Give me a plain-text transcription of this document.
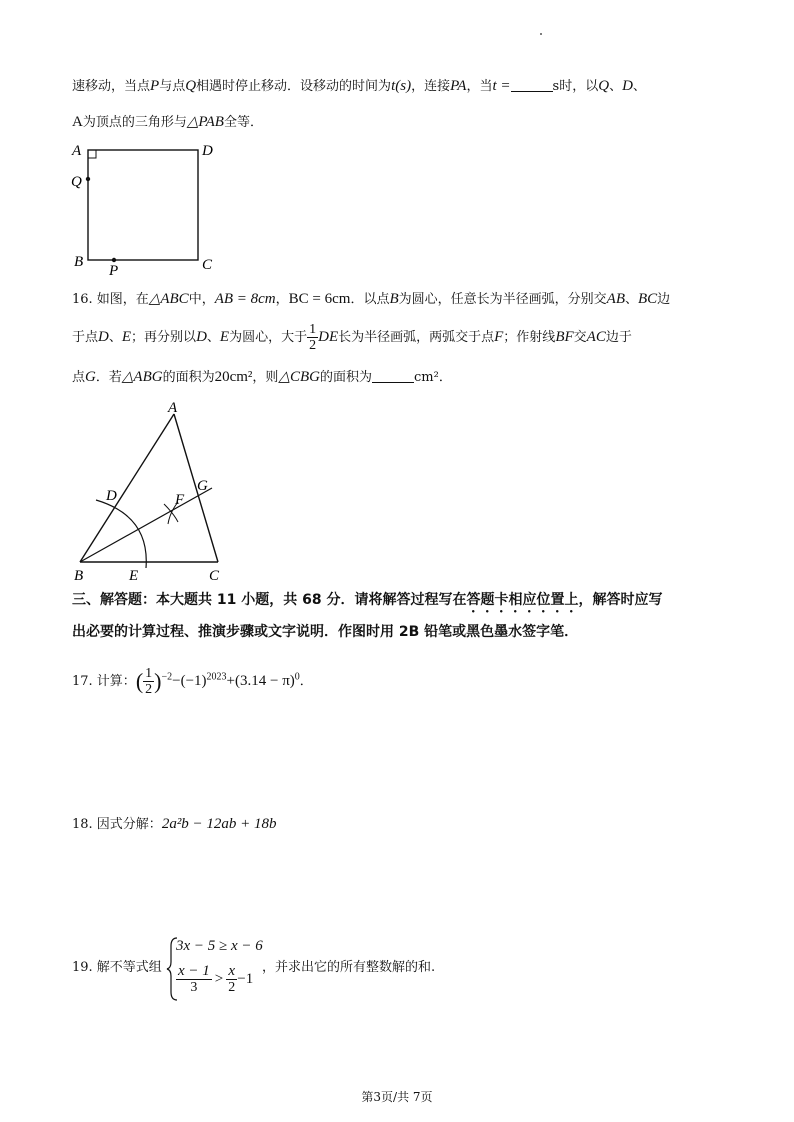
速移动，当点P与点Q相遇时停止移动．设移动的时间为t(s)，连接PA，当t =	s时，以Q、D、
A为顶点的三角形与△PAB全等．
A	D
Q
B
P	C
16. 如图，在△ABC中，AB = 8cm，BC = 6cm．以点B为圆心，任意长为半径画弧，分别交AB、BC边
于点D、E；再分别以D、E为圆心，大于 $\frac{1}{2}$ DE长为半径画弧，两弧交于点F；作射线BF交AC边于
点G．若△ABG的面积为20cm²，则△CBG的面积为	cm²．
A
D	F
G
B	E	C
三、解答题：本大题共 11 小题，共 68 分．请将解答过程写在答题卡相应位置上，解答时应写
出必要的计算过程、推演步骤或文字说明．作图时用 2B 铅笔或黑色墨水签字笔．
17. 计算：( $\frac{1}{2} )^{-2}-(-1)^{2023}+(3.14 - \pi)^0$．
18. 因式分解：2a²b − 12ab + 18b
19. 解不等式组
3x − 5 ≥ x − 6
$\frac{x - 1}{3} > \frac{x}{2} -1$
，并求出它的所有整数解的和.
第3页/共 7页
